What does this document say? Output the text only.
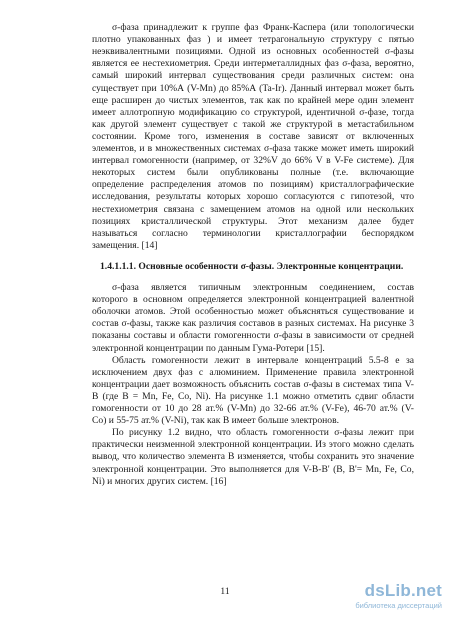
σ-фаза принадлежит к группе фаз Франк-Каспера (или топологически
плотно упакованных фаз ) и имеет тетрагональную структуру с пятью
неэквивалентными позициями. Одной из основных особенностей σ-фазы
является ее нестехиометрия. Среди интерметаллидных фаз σ-фаза, вероятно,
самый широкий интервал существования среди различных систем: она
существует при 10%А (V-Mn) до 85%А (Ta-Ir). Данный интервал может быть
еще расширен до чистых элементов, так как по крайней мере один элемент
имеет аллотропную модификацию со структурой, идентичной σ-фазе, тогда
как другой элемент существует с такой же структурой в метастабильном
состоянии. Кроме того, изменения в составе зависят от включенных
элементов, и в множественных системах σ-фаза также может иметь широкий
интервал гомогенности (например, от 32%V до 66% V в V-Fe системе). Для
некоторых систем были опубликованы полные (т.е. включающие
определение распределения атомов по позициям) кристаллографические
исследования, результаты которых хорошо согласуются с гипотезой, что
нестехиометрия связана с замещением атомов на одной или нескольких
позициях кристаллической структуры. Этот механизм далее будет
называться согласно терминологии кристаллографии беспорядком
замещения. [14]
1.4.1.1.1. Основные особенности σ-фазы. Электронные концентрации.
σ-фаза является типичным электронным соединением, состав
которого в основном определяется электронной концентрацией валентной
оболочки атомов. Этой особенностью может объясняться существование и
состав σ-фазы, также как различия составов в разных системах. На рисунке 3
показаны составы и области гомогенности σ-фазы в зависимости от средней
электронной концентрации по данным Гума-Ротери [15].
Область гомогенности лежит в интервале концентраций 5.5-8 e за
исключением двух фаз с алюминием. Применение правила электронной
концентрации дает возможность объяснить состав σ-фазы в системах типа V-
B (где B = Mn, Fe, Co, Ni). На рисунке 1.1 можно отметить сдвиг области
гомогенности от 10 до 28 ат.% (V-Mn) до 32-66 ат.% (V-Fe), 46-70 ат.% (V-
Co) и 55-75 ат.% (V-Ni), так как B имеет больше электронов.
По рисунку 1.2 видно, что область гомогенности σ-фазы лежит при
практически неизменной электронной концентрации. Из этого можно сделать
вывод, что количество элемента В изменяется, чтобы сохранить это значение
электронной концентрации. Это выполняется для V-B-B' (B, B'= Mn, Fe, Co,
Ni) и многих других систем. [16]
11	dsLib.net
библиотека диссертаций
